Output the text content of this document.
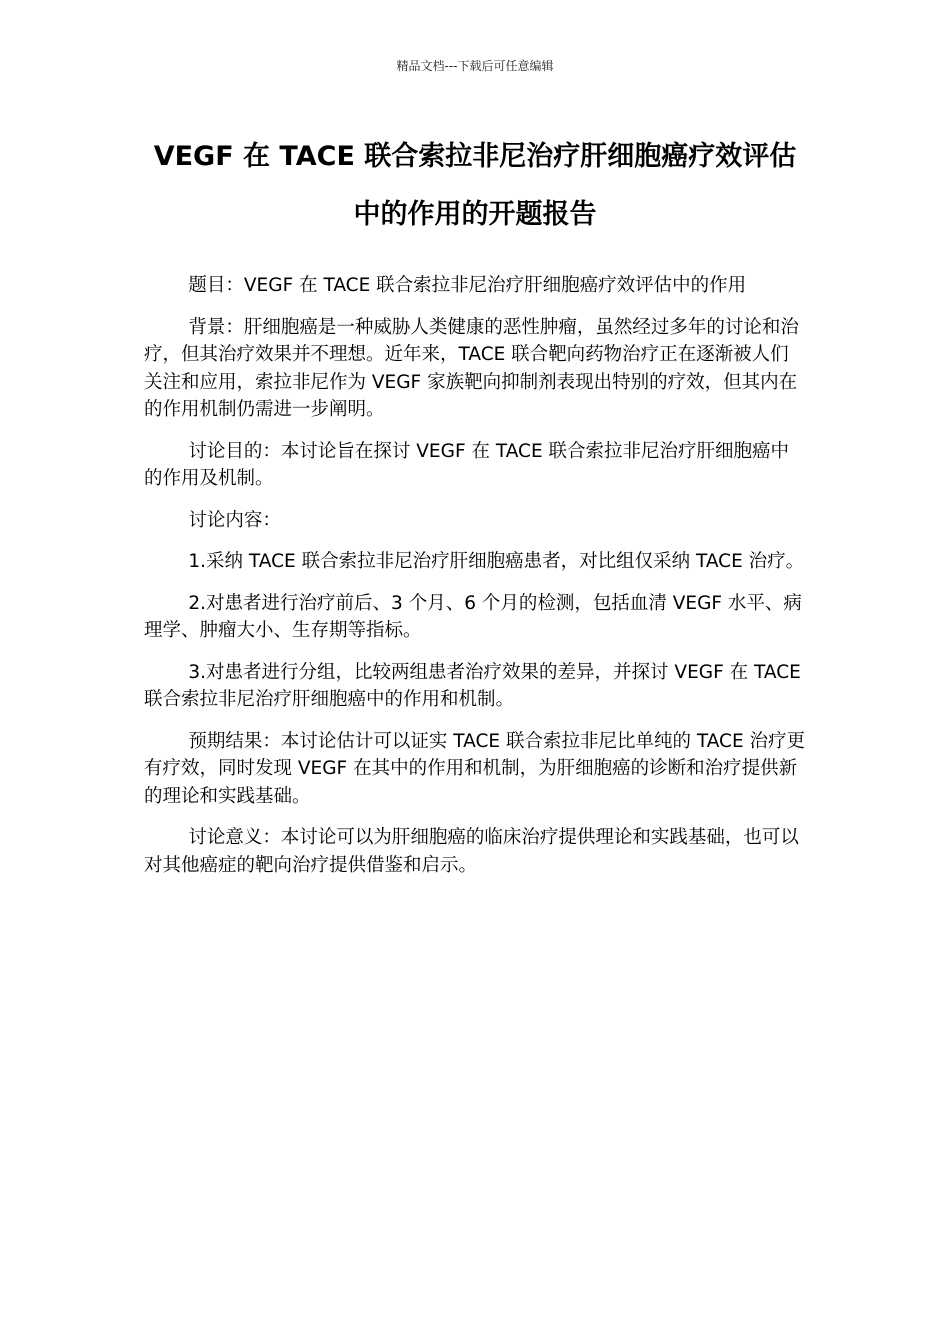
精品文档---下载后可任意编辑
VEGF 在 TACE 联合索拉非尼治疗肝细胞癌疗效评估中的作用的开题报告

题目：VEGF 在 TACE 联合索拉非尼治疗肝细胞癌疗效评估中的作用

背景：肝细胞癌是一种威胁人类健康的恶性肿瘤，虽然经过多年的讨论和治疗，但其治疗效果并不理想。近年来，TACE 联合靶向药物治疗正在逐渐被人们关注和应用，索拉非尼作为 VEGF 家族靶向抑制剂表现出特别的疗效，但其内在的作用机制仍需进一步阐明。

讨论目的：本讨论旨在探讨 VEGF 在 TACE 联合索拉非尼治疗肝细胞癌中的作用及机制。

讨论内容：

1.采纳 TACE 联合索拉非尼治疗肝细胞癌患者，对比组仅采纳 TACE 治疗。

2.对患者进行治疗前后、3 个月、6 个月的检测，包括血清 VEGF 水平、病理学、肿瘤大小、生存期等指标。

3.对患者进行分组，比较两组患者治疗效果的差异，并探讨 VEGF 在 TACE 联合索拉非尼治疗肝细胞癌中的作用和机制。

预期结果：本讨论估计可以证实 TACE 联合索拉非尼比单纯的 TACE 治疗更有疗效，同时发现 VEGF 在其中的作用和机制，为肝细胞癌的诊断和治疗提供新的理论和实践基础。

讨论意义：本讨论可以为肝细胞癌的临床治疗提供理论和实践基础，也可以对其他癌症的靶向治疗提供借鉴和启示。
